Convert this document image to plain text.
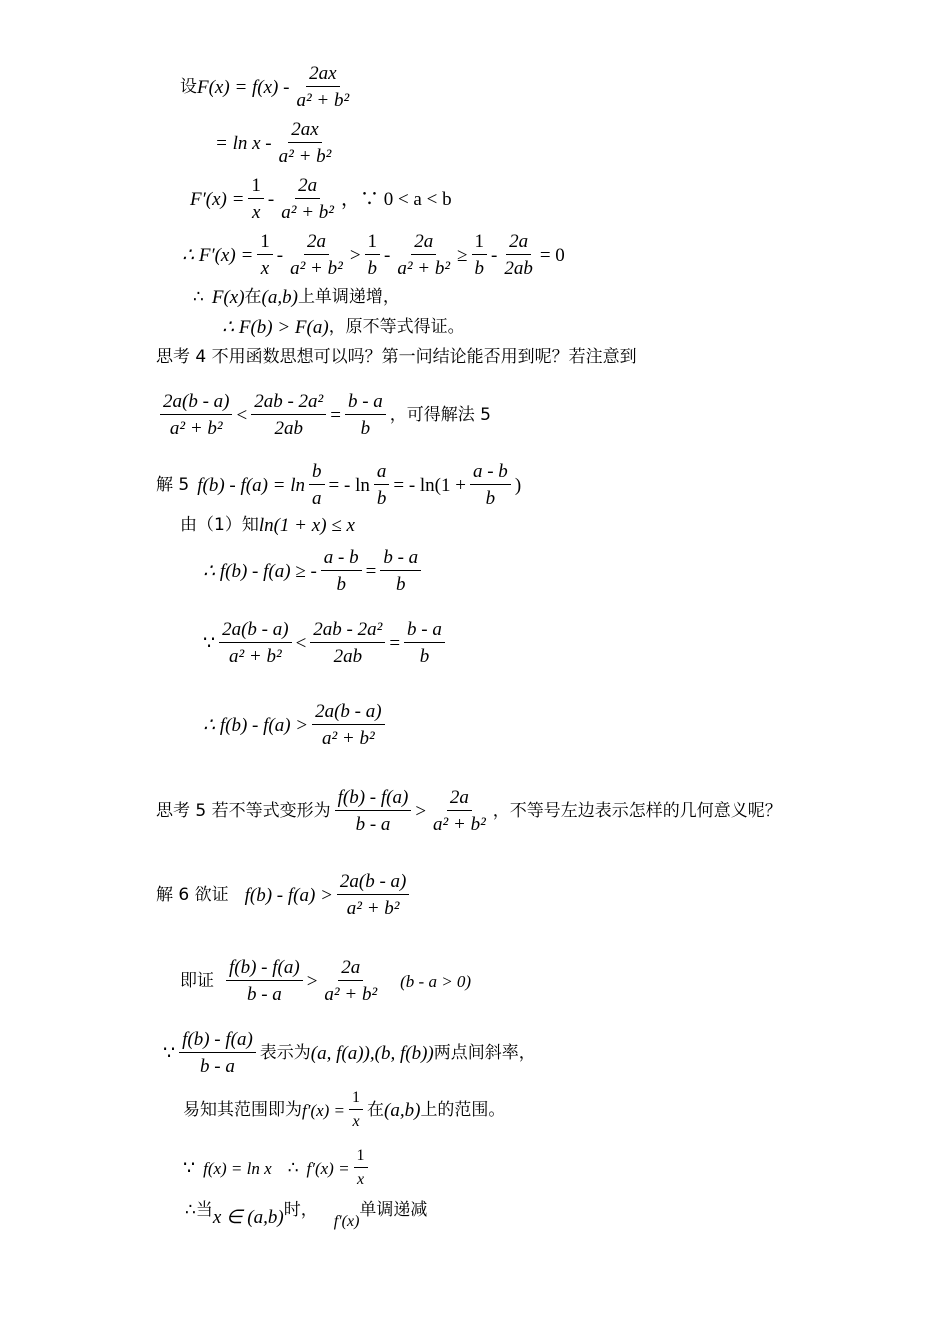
设 $F(x) = f(x) - \frac{2ax}{\text{a² + b²}}$
= ln x - $\frac{2ax}{\text{a² + b²}}$
$F'(x) = \frac{1}{x} - \frac{2a}{\text{a² + b²}}$ ，∵ 0 < a < b
∴ $F'(x) = \frac{1}{x} - \frac{2a}{\text{a² + b²}} > \frac{1}{b} - \frac{2a}{\text{a² + b²}} \ge \frac{1}{b} - \frac{2a}{2ab} = 0$
∴ F(x) 在 (a,b) 上单调递增，
∴ F(b) > F(a) ，原不等式得证。
思考 4 不用函数思想可以吗？第一问结论能否用到呢？若注意到
$\frac{2a(b - a)}{\text{a² + b²}} < \frac{\text{2ab - 2a²}}{2ab} = \frac{b - a}{b}$ ，可得解法 5
解 5 $f(b) - f(a) = \ln \frac{b}{a}$ = - $\ln \frac{a}{b}$ = - $\ln(1 + \frac{a - b}{b}$ )
由（1）知 ln(1 + x) ≤ x
∴ f(b) - f(a) ≥ - $\frac{a - b}{b} = \frac{b - a}{b}$
∵ $\frac{2a(b - a)}{\text{a² + b²}} < \frac{\text{2ab - 2a²}}{2ab} = \frac{b - a}{b}$
∴ $f(b) - f(a) > \frac{2a(b - a)}{\text{a² + b²}}$
思考 5 若不等式变形为 $\frac{f(b) - f(a)}{b - a} > \frac{2a}{\text{a² + b²}}$ ，不等号左边表示怎样的几何意义呢？
解 6 欲证 $f(b) - f(a) > \frac{2a(b - a)}{\text{a² + b²}}$
即证 $\frac{f(b) - f(a)}{b - a} > \frac{2a}{\text{a² + b²}} (b - a > 0)$
∵ $\frac{f(b) - f(a)}{b - a}$ 表示为 (a, f(a)),(b, f(b)) 两点间斜率，
易知其范围即为 $f'(x) = \frac{1}{x}$ 在 (a,b) 上的范围。
∵ f(x) = ln x ∴ $f'(x) = \frac{1}{x}$
∴当 x ∈ (a,b) 时，
f′(x)
单调递减
